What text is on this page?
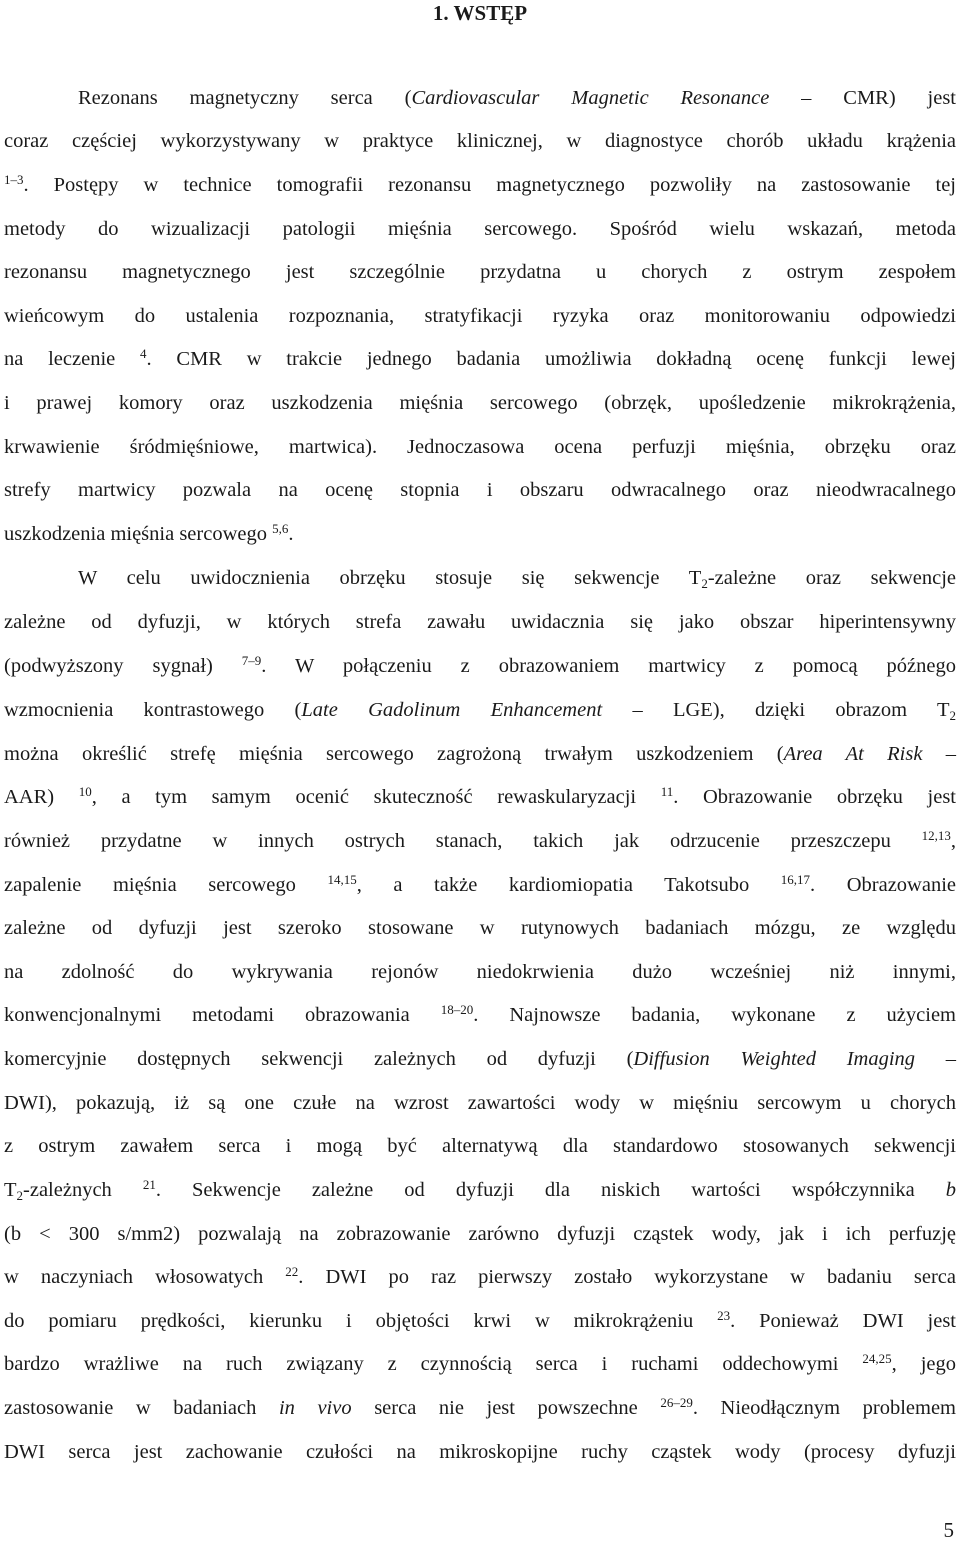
1. WSTĘP
Rezonans magnetyczny serca (Cardiovascular Magnetic Resonance – CMR) jest
coraz częściej wykorzystywany w praktyce klinicznej, w diagnostyce chorób układu krążenia
$^{1-3}$. Postępy w technice tomografii rezonansu magnetycznego pozwoliły na zastosowanie tej
metody do wizualizacji patologii mięśnia sercowego. Spośród wielu wskazań, metoda
rezonansu magnetycznego jest szczególnie przydatna u chorych z ostrym zespołem
wieńcowym do ustalenia rozpoznania, stratyfikacji ryzyka oraz monitorowaniu odpowiedzi
na leczenie $^4$. CMR w trakcie jednego badania umożliwia dokładną ocenę funkcji lewej
i prawej komory oraz uszkodzenia mięśnia sercowego (obrzęk, upośledzenie mikrokrążenia,
krwawienie śródmięśniowe, martwica). Jednoczasowa ocena perfuzji mięśnia, obrzęku oraz
strefy martwicy pozwala na ocenę stopnia i obszaru odwracalnego oraz nieodwracalnego
uszkodzenia mięśnia sercowego $^{5,6}$.
W celu uwidocznienia obrzęku stosuje się sekwencje $T_2$-zależne oraz sekwencje
zależne od dyfuzji, w których strefa zawału uwidacznia się jako obszar hiperintensywny
(podwyższony sygnał) $^{7-9}$. W połączeniu z obrazowaniem martwicy z pomocą późnego
wzmocnienia kontrastowego (Late Gadolinum Enhancement – LGE), dzięki obrazom $T_2$
można określić strefę mięśnia sercowego zagrożoną trwałym uszkodzeniem (Area At Risk –
AAR) $^{10}$, a tym samym ocenić skuteczność rewaskularyzacji $^{11}$. Obrazowanie obrzęku jest
również przydatne w innych ostrych stanach, takich jak odrzucenie przeszczepu $^{12,13}$,
zapalenie mięśnia sercowego $^{14,15}$, a także kardiomiopatia Takotsubo $^{16,17}$. Obrazowanie
zależne od dyfuzji jest szeroko stosowane w rutynowych badaniach mózgu, ze względu
na zdolność do wykrywania rejonów niedokrwienia dużo wcześniej niż innymi,
konwencjonalnymi metodami obrazowania $^{18-20}$. Najnowsze badania, wykonane z użyciem
komercyjnie dostępnych sekwencji zależnych od dyfuzji (Diffusion Weighted Imaging –
DWI), pokazują, iż są one czułe na wzrost zawartości wody w mięśniu sercowym u chorych
z ostrym zawałem serca i mogą być alternatywą dla standardowo stosowanych sekwencji
$T_2$-zależnych $^{21}$. Sekwencje zależne od dyfuzji dla niskich wartości współczynnika b
(b < 300 s/mm2) pozwalają na zobrazowanie zarówno dyfuzji cząstek wody, jak i ich perfuzję
w naczyniach włosowatych $^{22}$. DWI po raz pierwszy zostało wykorzystane w badaniu serca
do pomiaru prędkości, kierunku i objętości krwi w mikrokrążeniu $^{23}$. Ponieważ DWI jest
bardzo wrażliwe na ruch związany z czynnością serca i ruchami oddechowymi $^{24,25}$, jego
zastosowanie w badaniach in vivo serca nie jest powszechne $^{26-29}$. Nieodłącznym problemem
DWI serca jest zachowanie czułości na mikroskopijne ruchy cząstek wody (procesy dyfuzji
5
